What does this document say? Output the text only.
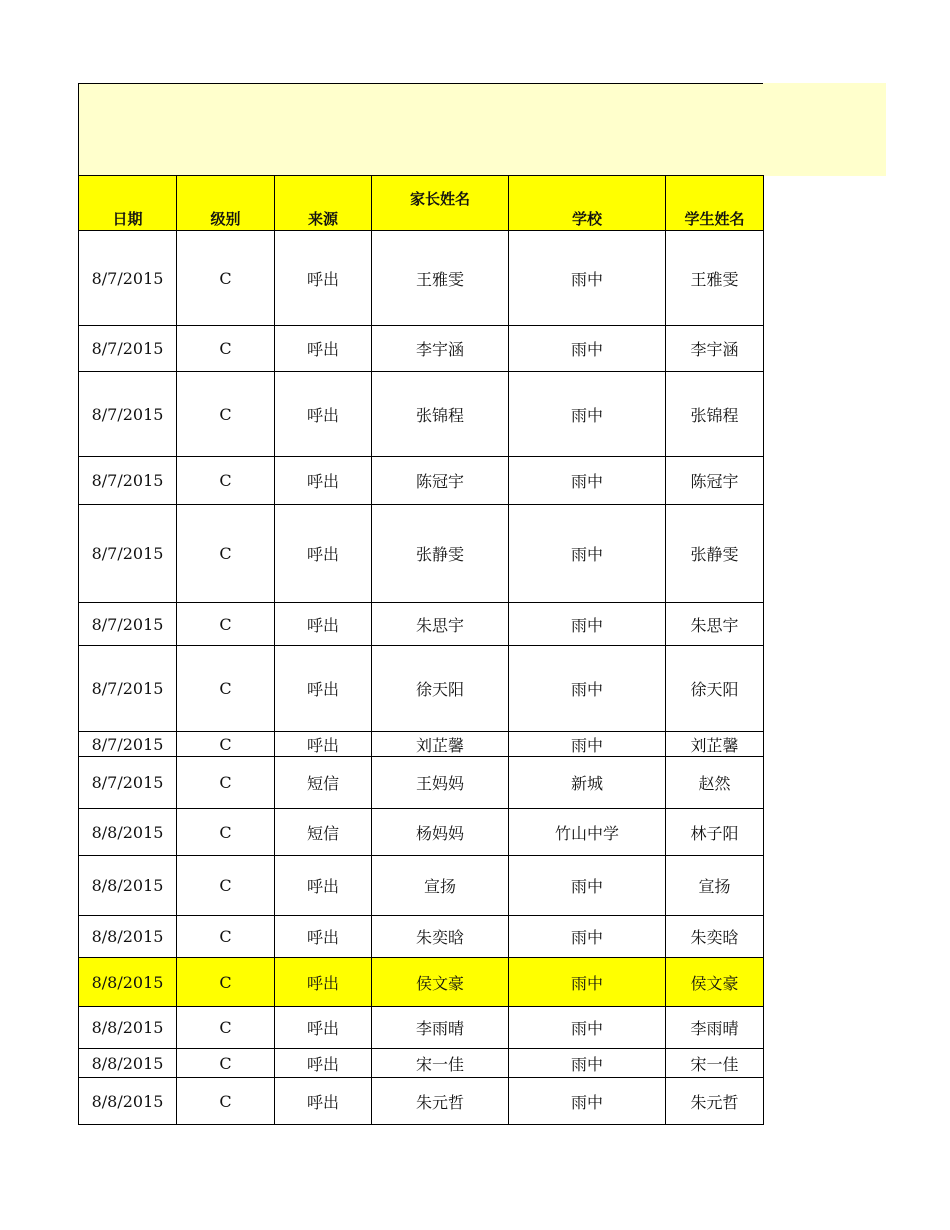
日期	级别	来源	家长姓名	学校	学生姓名
8/7/2015	C	呼出	王雅雯	雨中	王雅雯
8/7/2015	C	呼出	李宇涵	雨中	李宇涵
8/7/2015	C	呼出	张锦程	雨中	张锦程
8/7/2015	C	呼出	陈冠宇	雨中	陈冠宇
8/7/2015	C	呼出	张静雯	雨中	张静雯
8/7/2015	C	呼出	朱思宇	雨中	朱思宇
8/7/2015	C	呼出	徐天阳	雨中	徐天阳
8/7/2015	C	呼出	刘芷馨	雨中	刘芷馨
8/7/2015	C	短信	王妈妈	新城	赵然
8/8/2015	C	短信	杨妈妈	竹山中学	林子阳
8/8/2015	C	呼出	宣扬	雨中	宣扬
8/8/2015	C	呼出	朱奕晗	雨中	朱奕晗
8/8/2015	C	呼出	侯文豪	雨中	侯文豪
8/8/2015	C	呼出	李雨晴	雨中	李雨晴
8/8/2015	C	呼出	宋一佳	雨中	宋一佳
8/8/2015	C	呼出	朱元哲	雨中	朱元哲
